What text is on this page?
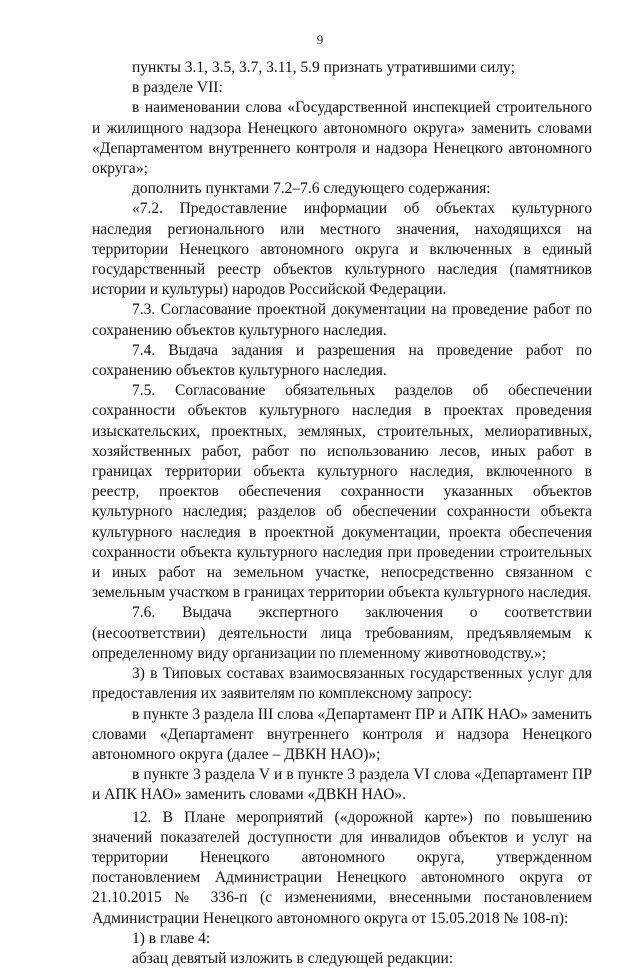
9

пункты 3.1, 3.5, 3.7, 3.11, 5.9 признать утратившими силу;

в разделе VII:

в наименовании слова «Государственной инспекцией строительного и жилищного надзора Ненецкого автономного округа» заменить словами «Департаментом внутреннего контроля и надзора Ненецкого автономного округа»;

дополнить пунктами 7.2–7.6 следующего содержания:

«7.2. Предоставление информации об объектах культурного наследия регионального или местного значения, находящихся на территории Ненецкого автономного округа и включенных в единый государственный реестр объектов культурного наследия (памятников истории и культуры) народов Российской Федерации.

7.3. Согласование проектной документации на проведение работ по сохранению объектов культурного наследия.

7.4. Выдача задания и разрешения на проведение работ по сохранению объектов культурного наследия.

7.5. Согласование обязательных разделов об обеспечении сохранности объектов культурного наследия в проектах проведения изыскательских, проектных, земляных, строительных, мелиоративных, хозяйственных работ, работ по использованию лесов, иных работ в границах территории объекта культурного наследия, включенного в реестр, проектов обеспечения сохранности указанных объектов культурного наследия; разделов об обеспечении сохранности объекта культурного наследия в проектной документации, проекта обеспечения сохранности объекта культурного наследия при проведении строительных и иных работ на земельном участке, непосредственно связанном с земельным участком в границах территории объекта культурного наследия.

7.6. Выдача экспертного заключения о соответствии (несоответствии) деятельности лица требованиям, предъявляемым к определенному виду организации по племенному животноводству.»;

3) в Типовых составах взаимосвязанных государственных услуг для предоставления их заявителям по комплексному запросу:

в пункте 3 раздела III слова «Департамент ПР и АПК НАО» заменить словами «Департамент внутреннего контроля и надзора Ненецкого автономного округа (далее – ДВКН НАО)»;

в пункте 3 раздела V и в пункте 3 раздела VI слова «Департамент ПР и АПК НАО» заменить словами «ДВКН НАО».

12. В Плане мероприятий («дорожной карте») по повышению значений показателей доступности для инвалидов объектов и услуг на территории Ненецкого автономного округа, утвержденном постановлением Администрации Ненецкого автономного округа от 21.10.2015 № 336-п (с изменениями, внесенными постановлением Администрации Ненецкого автономного округа от 15.05.2018 № 108-п):

1) в главе 4:

абзац девятый изложить в следующей редакции:
